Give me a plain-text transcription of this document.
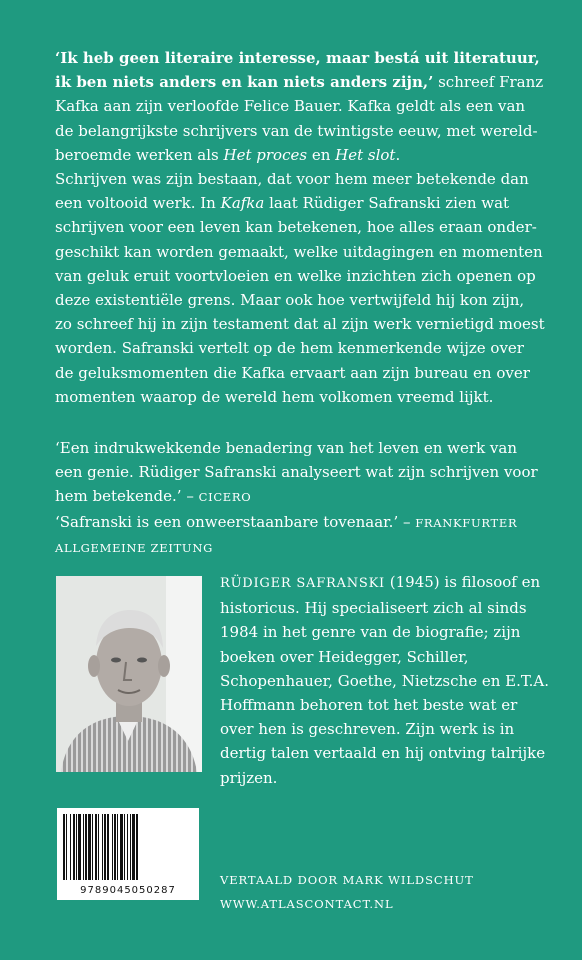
‘Ik heb geen literaire interesse, maar bestá uit literatuur,
ik ben niets anders en kan niets anders zijn,’ schreef Franz Kafka aan zijn verloofde Felice Bauer. Kafka geldt als een van de belangrijkste schrijvers van de twintigste eeuw, met wereldberoemde werken als Het proces en Het slot.

Schrijven was zijn bestaan, dat voor hem meer betekende dan een voltooid werk. In Kafka laat Rüdiger Safranski zien wat schrijven voor een leven kan betekenen, hoe alles eraan ondergeschikt kan worden gemaakt, welke uitdagingen en momenten van geluk eruit voortvloeien en welke inzichten zich openen op deze existentiële grens. Maar ook hoe vertwijfeld hij kon zijn, zo schreef hij in zijn testament dat al zijn werk vernietigd moest worden. Safranski vertelt op de hem kenmerkende wijze over de geluksmomenten die Kafka ervaart aan zijn bureau en over momenten waarop de wereld hem volkomen vreemd lijkt.

‘Een indrukwekkende benadering van het leven en werk van een genie. Rüdiger Safranski analyseert wat zijn schrijven voor hem betekende.’ – CICERO

‘Safranski is een onweerstaanbare tovenaar.’ – FRANKFURTER ALLGEMEINE ZEITUNG

RÜDIGER SAFRANSKI (1945) is filosoof en historicus. Hij specialiseert zich al sinds 1984 in het genre van de biografie; zijn boeken over Heidegger, Schiller, Schopenhauer, Goethe, Nietzsche en E.T.A. Hoffmann behoren tot het beste wat er over hen is geschreven. Zijn werk is in dertig talen vertaald en hij ontving talrijke prijzen.

9789045050287
VERTAALD DOOR MARK WILDSCHUT
WWW.ATLASCONTACT.NL
